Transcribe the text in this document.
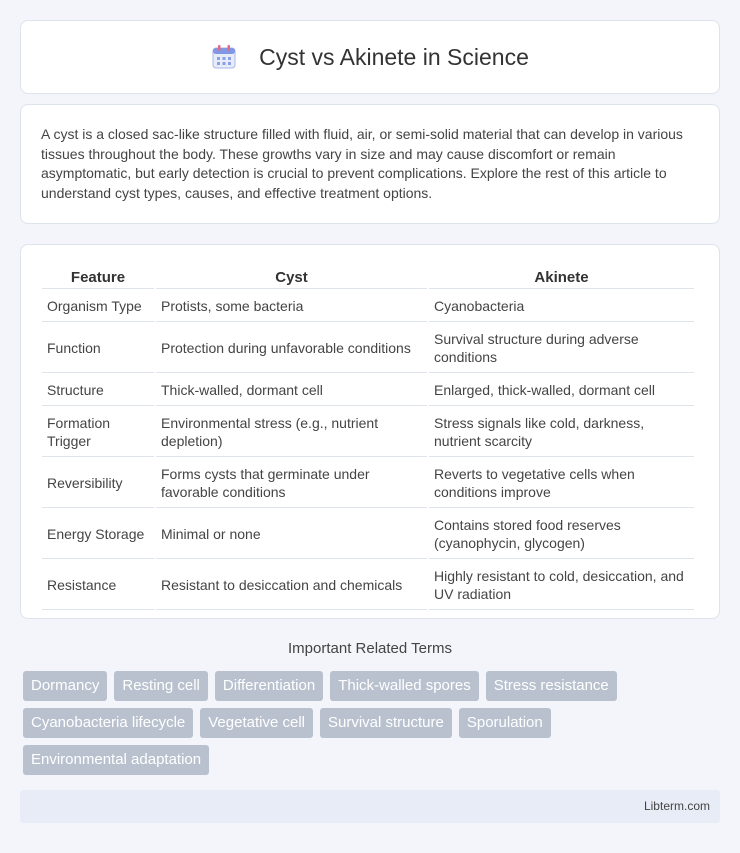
Cyst vs Akinete in Science

A cyst is a closed sac-like structure filled with fluid, air, or semi-solid material that can develop in various tissues throughout the body. These growths vary in size and may cause discomfort or remain asymptomatic, but early detection is crucial to prevent complications. Explore the rest of this article to understand cyst types, causes, and effective treatment options.

Feature	Cyst	Akinete
Organism Type	Protists, some bacteria	Cyanobacteria
Function	Protection during unfavorable conditions	Survival structure during adverse conditions
Structure	Thick-walled, dormant cell	Enlarged, thick-walled, dormant cell
Formation Trigger	Environmental stress (e.g., nutrient depletion)	Stress signals like cold, darkness, nutrient scarcity
Reversibility	Forms cysts that germinate under favorable conditions	Reverts to vegetative cells when conditions improve
Energy Storage	Minimal or none	Contains stored food reserves (cyanophycin, glycogen)
Resistance	Resistant to desiccation and chemicals	Highly resistant to cold, desiccation, and UV radiation
Important Related Terms
Dormancy	Resting cell	Differentiation	Thick-walled spores	Stress resistance
Cyanobacteria lifecycle	Vegetative cell	Survival structure	Sporulation
Environmental adaptation
Libterm.com
